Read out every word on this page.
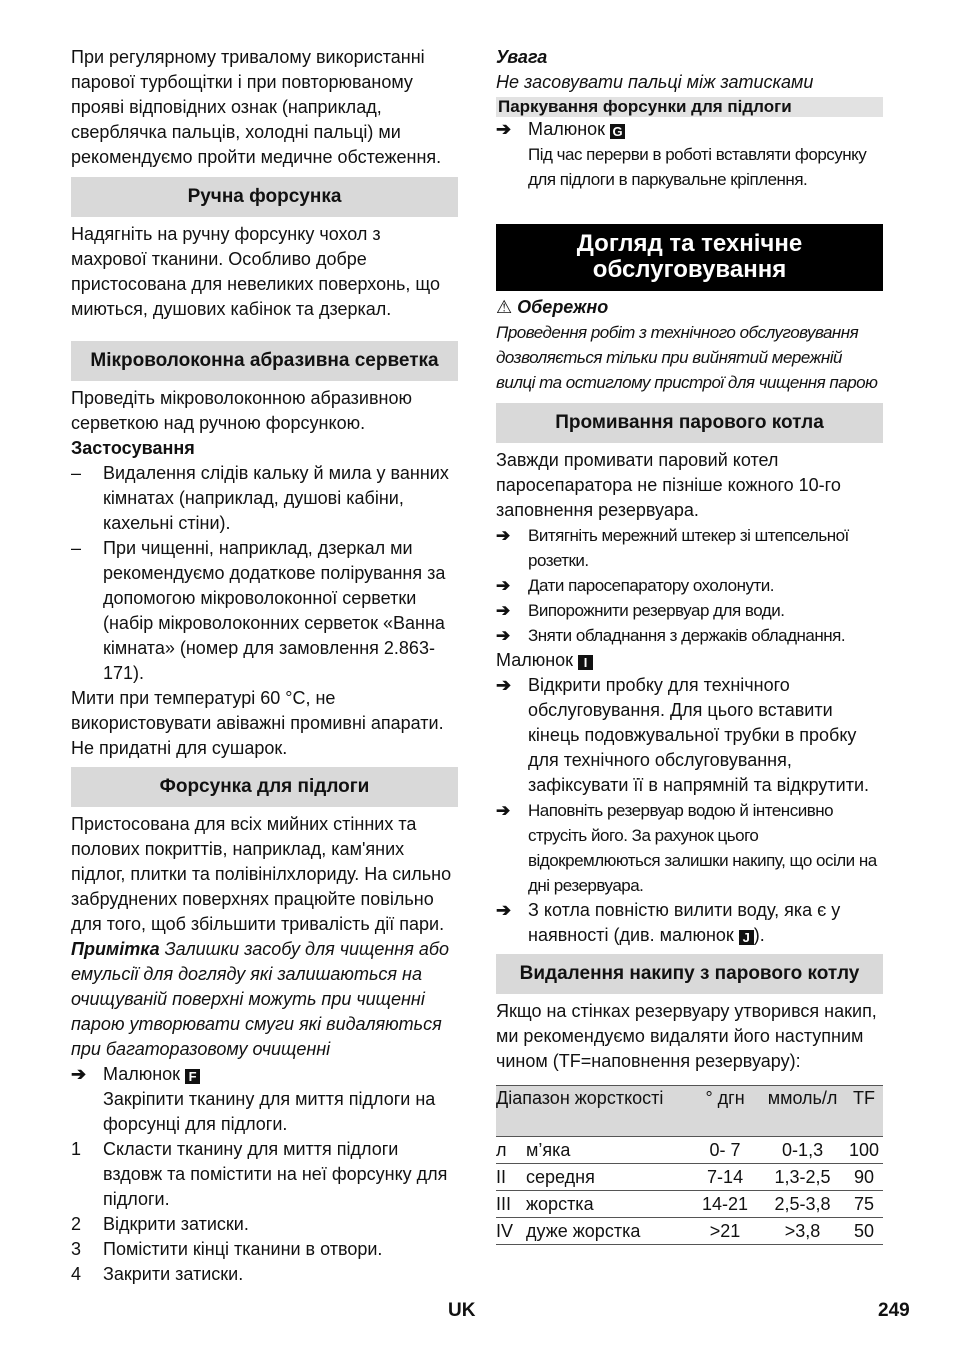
При регулярному тривалому використанні парової турбощітки і при повторюваному прояві відповідних ознак (наприклад, сверблячка пальців, холодні пальці) ми рекомендуємо пройти медичне обстеження.

Ручна форсунка

Надягніть на ручну форсунку чохол з махрової тканини. Особливо добре пристосована для невеликих поверхонь, що миються, душових кабінок та дзеркал.

Мікроволоконна абразивна серветка

Проведіть мікроволоконною абразивною серветкою над ручною форсункою.

Застосування

–	Видалення слідів кальку й мила у ванних кімнатах (наприклад, душові кабіни, кахельні стіни).
–	При чищенні, наприклад, дзеркал ми рекомендуємо додаткове полірування за допомогою мікроволоконної серветки (набір мікроволоконних серветок «Ванна кімната» (номер для замовлення 2.863-171).

Мити при температурі 60 °C, не використовувати авіважні промивні апарати. Не придатні для сушарок.

Форсунка для підлоги

Пристосована для всіх мийних стінних та полових покриттів, наприклад, кам'яних підлог, плитки та полівінілхлориду. На сильно забруднених поверхнях працюйте повільно для того, щоб збільшити тривалість дії пари.

Примітка Залишки засобу для чищення або емульсії для догляду які залишаються на очищуваній поверхні можуть при чищенні парою утворювати смуги які видаляються при багаторазовому очищенні

➔ Малюнок F

Закріпити тканину для миття підлоги на форсунці для підлоги.

1	Скласти тканину для миття підлоги вздовж та помістити на неї форсунку для підлоги.
2	Відкрити затиски.
3	Помістити кінці тканини в отвори.
4	Закрити затиски.

Увага

Не засовувати пальці між затисками

Паркування форсунки для підлоги
➔ Малюнок G

Під час перерви в роботі вставляти форсунку для підлоги в паркувальне кріплення.

Догляд та технічне обслуговування

⚠ Обережно

Проведення робіт з технічного обслуговування дозволяється тільки при вийнятий мережній вилці та остиглому пристрої для чищення парою

Промивання парового котла

Завжди промивати паровий котел паросепаратора не пізніше кожного 10-го заповнення резервуара.

➔	Витягніть мережний штекер зі штепсельної розетки.
➔	Дати паросепаратору охолонути.
➔	Випорожнити резервуар для води.
➔	Зняти обладнання з держаків обладнання.

Малюнок I

➔ Відкрити пробку для технічного обслуговування. Для цього вставити кінець подовжувальної трубки в пробку для технічного обслуговування, зафіксувати її в напрямній та відкрутити.
➔	Наповніть резервуар водою й інтенсивно струсіть його. За рахунок цього відокремлюються залишки накипу, що осіли на дні резервуара.
➔ З котла повністю вилити воду, яка є у наявності (див. малюнок J ).
Видалення накипу з парового котлу

Якщо на стінках резервуару утворився накип, ми рекомендуємо видаляти його наступним чином (TF=наповнення резервуару):

Діапазон жорсткості		° дгн	ммоль/л	TF
л	м’яка	0- 7	0-1,3	100
II	середня	7-14	1,3-2,5	90
III	жорстка	14-21	2,5-3,8	75
IV	дуже жорстка	>21	>3,8	50
UK	249
